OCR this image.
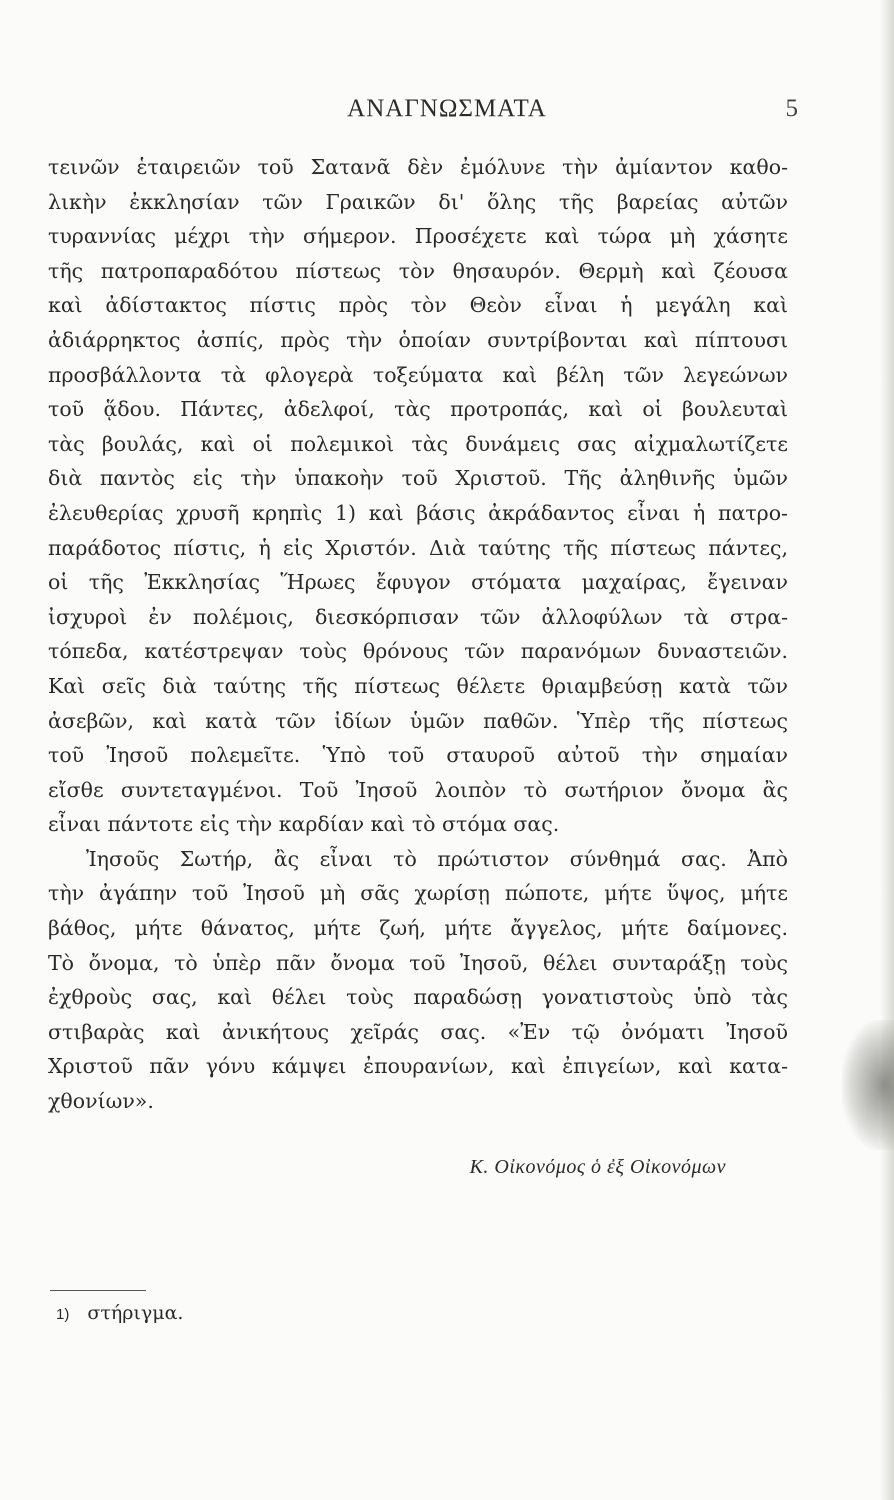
ΑΝΑΓΝΩΣΜΑΤΑ	5
τεινῶν ἑταιρειῶν τοῦ Σατανᾶ δὲν ἐμόλυνε τὴν ἀμίαντον καθο-
λικὴν ἐκκλησίαν τῶν Γραικῶν δι' ὅλης τῆς βαρείας αὐτῶν
τυραννίας μέχρι τὴν σήμερον. Προσέχετε καὶ τώρα μὴ χάσητε
τῆς πατροπαραδότου πίστεως τὸν θησαυρόν. Θερμὴ καὶ ζέουσα
καὶ ἀδίστακτος πίστις πρὸς τὸν Θεὸν εἶναι ἡ μεγάλη καὶ
ἀδιάρρηκτος ἀσπίς, πρὸς τὴν ὁποίαν συντρίβονται καὶ πίπτουσι
προσβάλλοντα τὰ φλογερὰ τοξεύματα καὶ βέλη τῶν λεγεώνων
τοῦ ᾅδου. Πάντες, ἀδελφοί, τὰς προτροπάς, καὶ οἱ βουλευταὶ
τὰς βουλάς, καὶ οἱ πολεμικοὶ τὰς δυνάμεις σας αἰχμαλωτίζετε
διὰ παντὸς εἰς τὴν ὑπακοὴν τοῦ Χριστοῦ. Τῆς ἀληθινῆς ὑμῶν
ἐλευθερίας χρυσῆ κρηπὶς 1) καὶ βάσις ἀκράδαντος εἶναι ἡ πατρο-
παράδοτος πίστις, ἡ εἰς Χριστόν. Διὰ ταύτης τῆς πίστεως πάντες,
οἱ τῆς Ἐκκλησίας Ἥρωες ἔφυγον στόματα μαχαίρας, ἔγειναν
ἰσχυροὶ ἐν πολέμοις, διεσκόρπισαν τῶν ἀλλοφύλων τὰ στρα-
τόπεδα, κατέστρεψαν τοὺς θρόνους τῶν παρανόμων δυναστειῶν.
Καὶ σεῖς διὰ ταύτης τῆς πίστεως θέλετε θριαμβεύσῃ κατὰ τῶν
ἀσεβῶν, καὶ κατὰ τῶν ἰδίων ὑμῶν παθῶν. Ὑπὲρ τῆς πίστεως
τοῦ Ἰησοῦ πολεμεῖτε. Ὑπὸ τοῦ σταυροῦ αὐτοῦ τὴν σημαίαν
εἴσθε συντεταγμένοι. Τοῦ Ἰησοῦ λοιπὸν τὸ σωτήριον ὄνομα ἂς
εἶναι πάντοτε εἰς τὴν καρδίαν καὶ τὸ στόμα σας.
Ἰησοῦς Σωτήρ, ἂς εἶναι τὸ πρώτιστον σύνθημά σας. Ἀπὸ
τὴν ἀγάπην τοῦ Ἰησοῦ μὴ σᾶς χωρίσῃ πώποτε, μήτε ὕψος, μήτε
βάθος, μήτε θάνατος, μήτε ζωή, μήτε ἄγγελος, μήτε δαίμονες.
Τὸ ὄνομα, τὸ ὑπὲρ πᾶν ὄνομα τοῦ Ἰησοῦ, θέλει συνταράξῃ τοὺς
ἐχθροὺς σας, καὶ θέλει τοὺς παραδώσῃ γονατιστοὺς ὑπὸ τὰς
στιβαρὰς καὶ ἀνικήτους χεῖράς σας. «Ἐν τῷ ὀνόματι Ἰησοῦ
Χριστοῦ πᾶν γόνυ κάμψει ἐπουρανίων, καὶ ἐπιγείων, καὶ κατα-
χθονίων».
Κ. Οἰκονόμος ὁ ἐξ Οἰκονόμων
1) στήριγμα.
